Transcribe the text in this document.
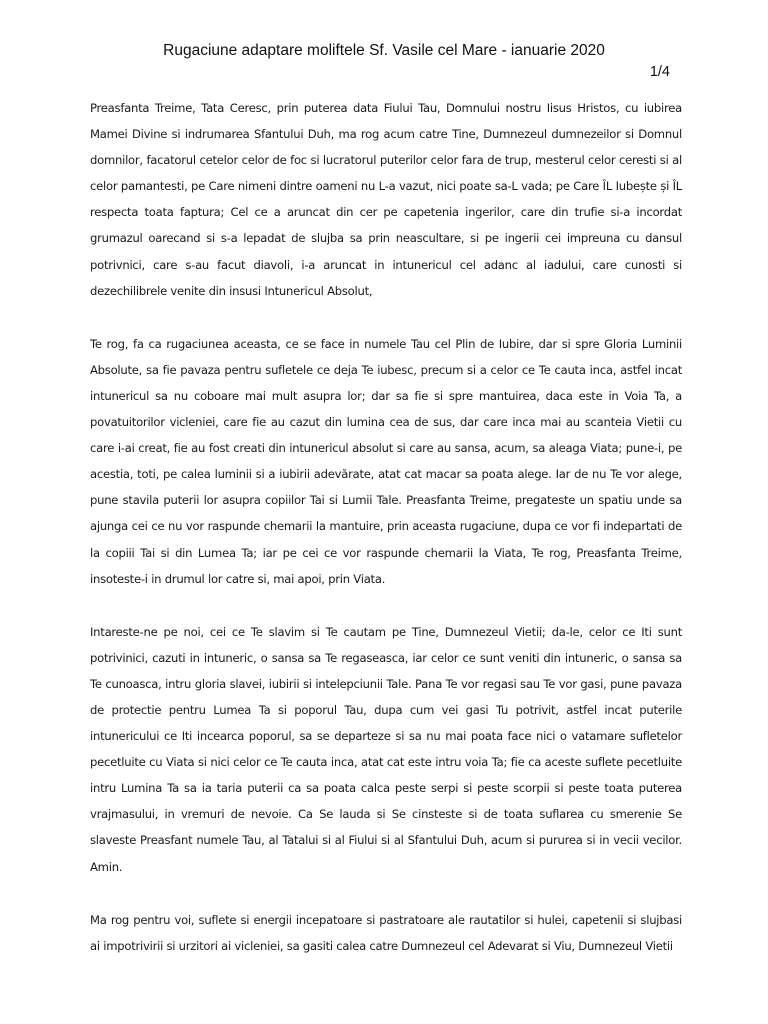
Rugaciune adaptare moliftele Sf. Vasile cel Mare - ianuarie 2020
1/4

Preasfanta Treime, Tata Ceresc, prin puterea data Fiului Tau, Domnului nostru Iisus Hristos, cu iubirea Mamei Divine si indrumarea Sfantului Duh, ma rog acum catre Tine, Dumnezeul dumnezeilor si Domnul domnilor, facatorul cetelor celor de foc si lucratorul puterilor celor fara de trup, mesterul celor ceresti si al celor pamantesti, pe Care nimeni dintre oameni nu L-a vazut, nici poate sa-L vada; pe Care ÎL Iubește și ÎL respecta toata faptura; Cel ce a aruncat din cer pe capetenia ingerilor, care din trufie si-a incordat grumazul oarecand si s-a lepadat de slujba sa prin neascultare, si pe ingerii cei impreuna cu dansul potrivnici, care s-au facut diavoli, i-a aruncat in intunericul cel adanc al iadului, care cunosti si dezechilibrele venite din insusi Intunericul Absolut,

Te rog, fa ca rugaciunea aceasta, ce se face in numele Tau cel Plin de Iubire, dar si spre Gloria Luminii Absolute, sa fie pavaza pentru sufletele ce deja Te iubesc, precum si a celor ce Te cauta inca, astfel incat intunericul sa nu coboare mai mult asupra lor; dar sa fie si spre mantuirea, daca este in Voia Ta, a povatuitorilor vicleniei, care fie au cazut din lumina cea de sus, dar care inca mai au scanteia Vietii cu care i-ai creat, fie au fost creati din intunericul absolut si care au sansa, acum, sa aleaga Viata; pune-i, pe acestia, toti, pe calea luminii si a iubirii adevărate, atat cat macar sa poata alege. Iar de nu Te vor alege, pune stavila puterii lor asupra copiilor Tai si Lumii Tale. Preasfanta Treime, pregateste un spatiu unde sa ajunga cei ce nu vor raspunde chemarii la mantuire, prin aceasta rugaciune, dupa ce vor fi indepartati de la copiii Tai si din Lumea Ta; iar pe cei ce vor raspunde chemarii la Viata, Te rog, Preasfanta Treime, insoteste-i in drumul lor catre si, mai apoi, prin Viata.

Intareste-ne pe noi, cei ce Te slavim si Te cautam pe Tine, Dumnezeul Vietii; da-le, celor ce Iti sunt potrivinici, cazuti in intuneric, o sansa sa Te regaseasca, iar celor ce sunt veniti din intuneric, o sansa sa Te cunoasca, intru gloria slavei, iubirii si intelepciunii Tale. Pana Te vor regasi sau Te vor gasi, pune pavaza de protectie pentru Lumea Ta si poporul Tau, dupa cum vei gasi Tu potrivit, astfel incat puterile intunericului ce Iti incearca poporul, sa se departeze si sa nu mai poata face nici o vatamare sufletelor pecetluite cu Viata si nici celor ce Te cauta inca, atat cat este intru voia Ta; fie ca aceste suflete pecetluite intru Lumina Ta sa ia taria puterii ca sa poata calca peste serpi si peste scorpii si peste toata puterea vrajmasului, in vremuri de nevoie. Ca Se lauda si Se cinsteste si de toata suflarea cu smerenie Se slaveste Preasfant numele Tau, al Tatalui si al Fiului si al Sfantului Duh, acum si pururea si in vecii vecilor. Amin.

Ma rog pentru voi, suflete si energii incepatoare si pastratoare ale rautatilor si hulei, capetenii si slujbasi ai impotrivirii si urzitori ai vicleniei, sa gasiti calea catre Dumnezeul cel Adevarat si Viu, Dumnezeul Vietii
